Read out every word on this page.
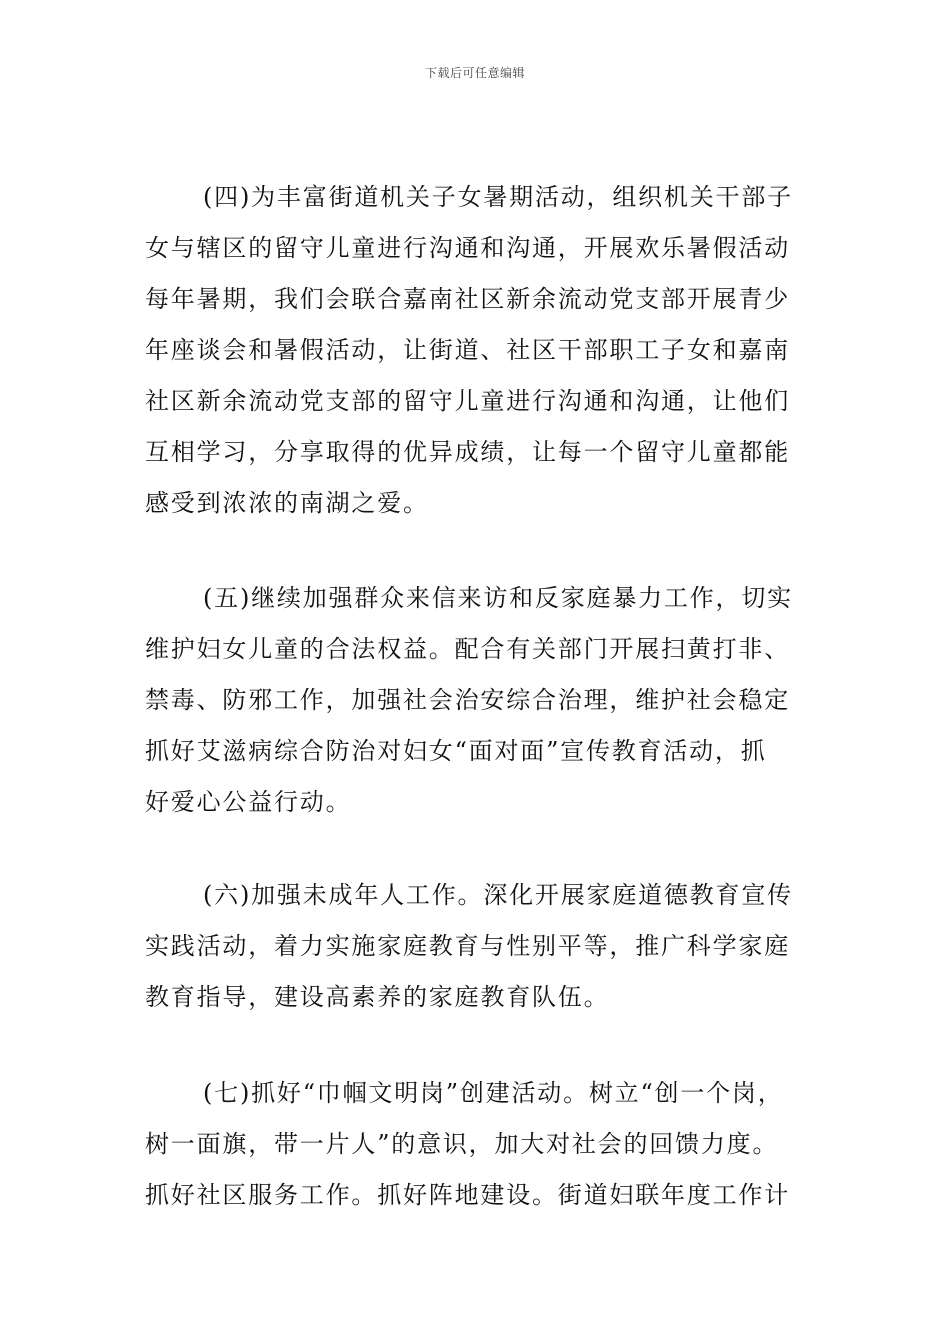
下载后可任意编辑

(四)为丰富街道机关子女暑期活动，组织机关干部子
女与辖区的留守儿童进行沟通和沟通，开展欢乐暑假活动
每年暑期，我们会联合嘉南社区新余流动党支部开展青少
年座谈会和暑假活动，让街道、社区干部职工子女和嘉南
社区新余流动党支部的留守儿童进行沟通和沟通，让他们
互相学习，分享取得的优异成绩，让每一个留守儿童都能
感受到浓浓的南湖之爱。

(五)继续加强群众来信来访和反家庭暴力工作，切实
维护妇女儿童的合法权益。配合有关部门开展扫黄打非、
禁毒、防邪工作，加强社会治安综合治理，维护社会稳定
抓好艾滋病综合防治对妇女“面对面”宣传教育活动，抓
好爱心公益行动。

(六)加强未成年人工作。深化开展家庭道德教育宣传
实践活动，着力实施家庭教育与性别平等，推广科学家庭
教育指导，建设高素养的家庭教育队伍。

(七)抓好“巾帼文明岗”创建活动。树立“创一个岗，
树一面旗，带一片人”的意识，加大对社会的回馈力度。
抓好社区服务工作。抓好阵地建设。街道妇联年度工作计
